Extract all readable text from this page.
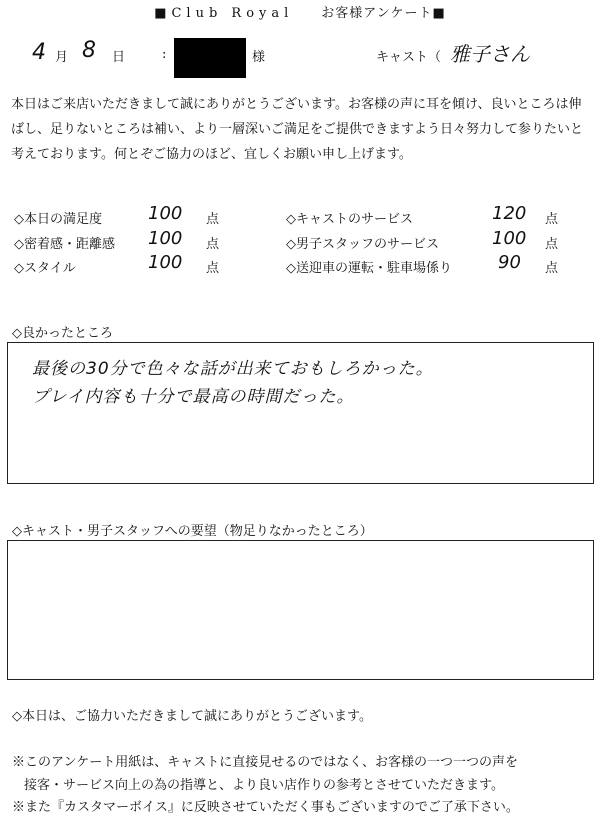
■Club Royal お客様アンケート■
4 月 8 日	:	様	キャスト（ 雅子さん
本日はご来店いただきまして誠にありがとうございます。お客様の声に耳を傾け、良いところは伸ばし、足りないところは補い、より一層深いご満足をご提供できますよう日々努力して参りたいと考えております。何とぞご協力のほど、宜しくお願い申し上げます。
◇本日の満足度	100 点
◇密着感・距離感 100 点
◇スタイル	100 点
◇キャストのサービス	120 点
◇男子スタッフのサービス	100 点
◇送迎車の運転・駐車場係り	90 点
◇良かったところ
最後の30分で色々な話が出来ておもしろかった。
プレイ内容も十分で最高の時間だった。
◇キャスト・男子スタッフへの要望（物足りなかったところ）
◇本日は、ご協力いただきまして誠にありがとうございます。
※このアンケート用紙は、キャストに直接見せるのではなく、お客様の一つ一つの声を
接客・サービス向上の為の指導と、より良い店作りの参考とさせていただきます。
※また『カスタマーボイス』に反映させていただく事もございますのでご了承下さい。
